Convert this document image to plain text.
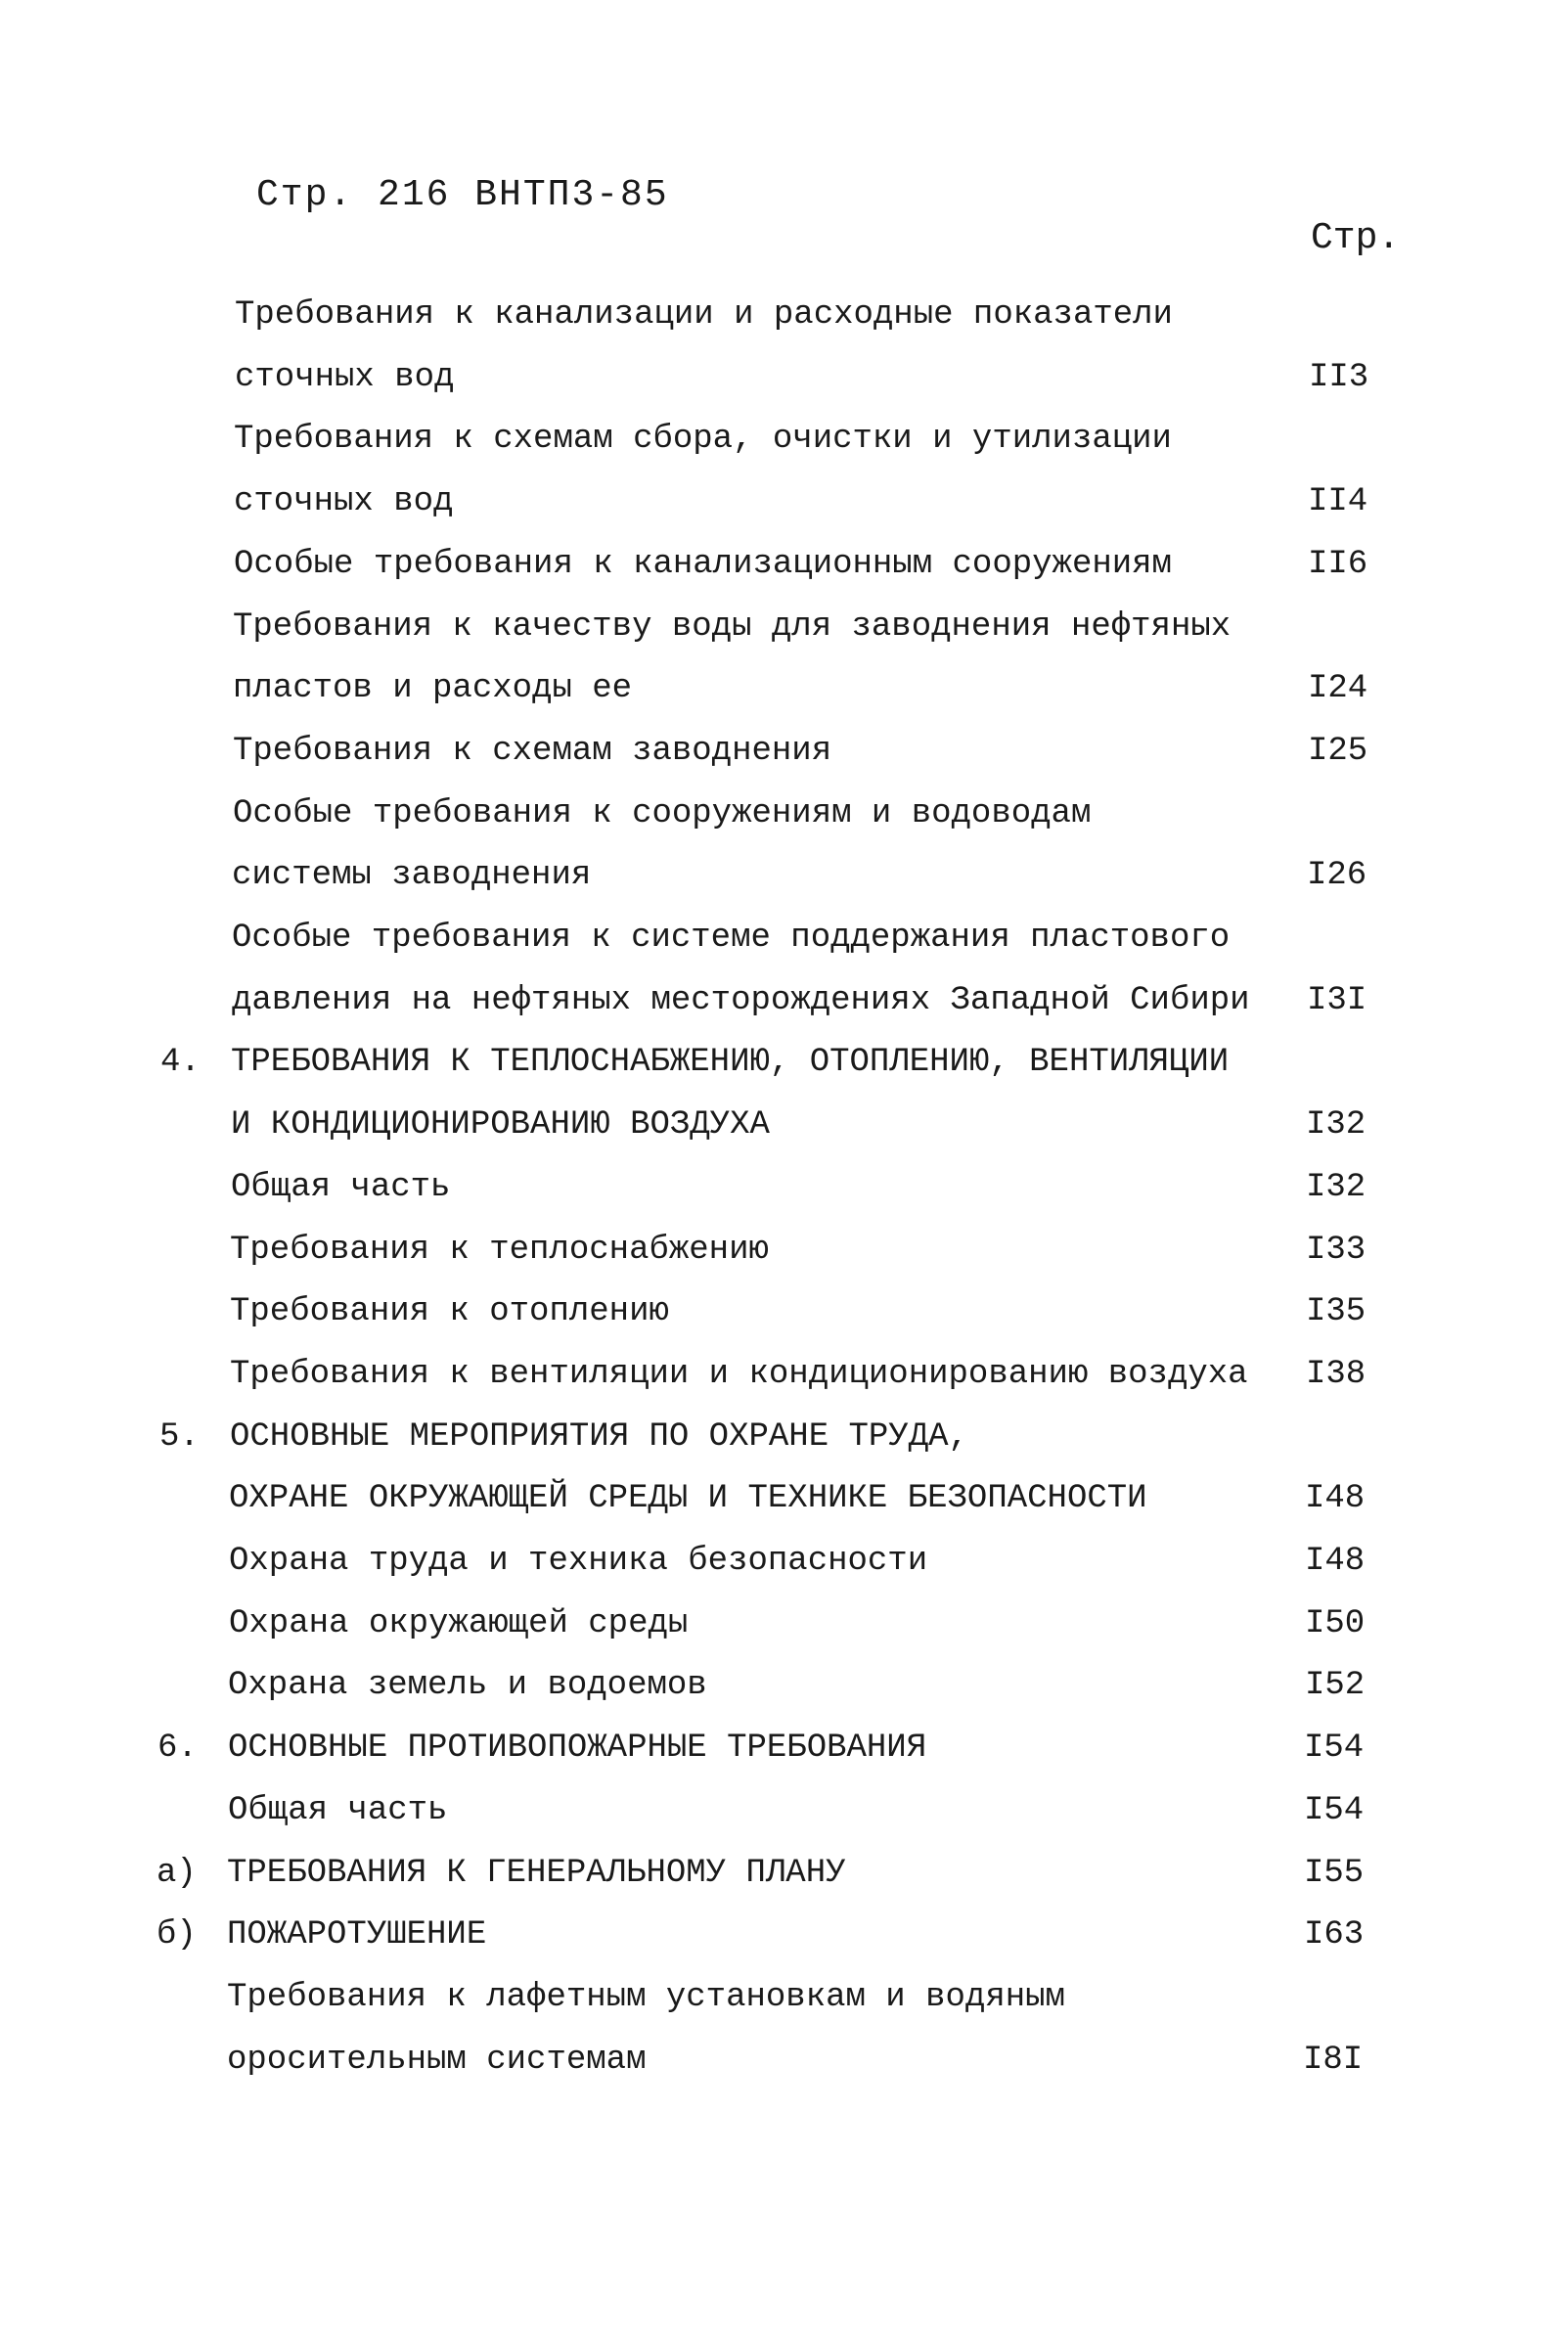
Стр. 216 ВНТП3-85
Стр.
Требования к канализации и расходные показатели
сточных вод	II3
Требования к схемам сбора, очистки и утилизации
сточных вод	II4
Особые требования к канализационным сооружениям	II6
Требования к качеству воды для заводнения нефтяных
пластов и расходы ее	I24
Требования к схемам заводнения	I25
Особые требования к сооружениям и водоводам
системы заводнения	I26
Особые требования к системе поддержания пластового
давления на нефтяных месторождениях Западной Сибири I3I
4. ТРЕБОВАНИЯ К ТЕПЛОСНАБЖЕНИЮ, ОТОПЛЕНИЮ, ВЕНТИЛЯЦИИ
И КОНДИЦИОНИРОВАНИЮ ВОЗДУХА	I32
Общая часть	I32
Требования к теплоснабжению	I33
Требования к отоплению	I35
Требования к вентиляции и кондиционированию воздуха I38
5. ОСНОВНЫЕ МЕРОПРИЯТИЯ ПО ОХРАНЕ ТРУДА,
ОХРАНЕ ОКРУЖАЮЩЕЙ СРЕДЫ И ТЕХНИКЕ БЕЗОПАСНОСТИ	I48
Охрана труда и техника безопасности	I48
Охрана окружающей среды	I50
Охрана земель и водоемов	I52
6. ОСНОВНЫЕ ПРОТИВОПОЖАРНЫЕ ТРЕБОВАНИЯ	I54
Общая часть	I54
а) ТРЕБОВАНИЯ К ГЕНЕРАЛЬНОМУ ПЛАНУ	I55
б) ПОЖАРОТУШЕНИЕ	I63
Требования к лафетным установкам и водяным
оросительным системам	I8I
